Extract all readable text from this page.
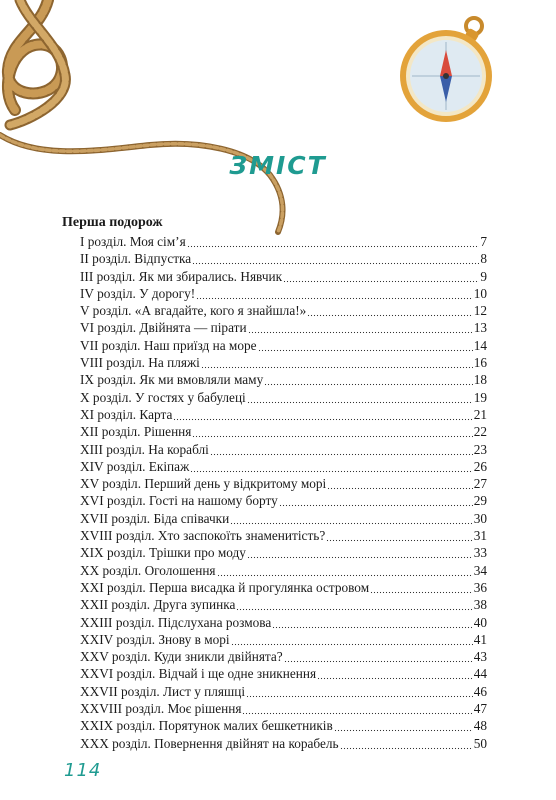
ЗМІСТ
Перша подорож
І розділ. Моя сім’я	7
ІІ розділ. Відпустка	8
ІІІ розділ. Як ми збирались. Нявчик	9
IV розділ. У дорогу!	10
V розділ. «А вгадайте, кого я знайшла!»	12
VI розділ. Двійнята — пірати	13
VII розділ. Наш приїзд на море	14
VIII розділ. На пляжі	16
IX розділ. Як ми вмовляли маму	18
X розділ. У гостях у бабулеці	19
XI розділ. Карта	21
XII розділ. Рішення	22
XIII розділ. На кораблі	23
XIV розділ. Екіпаж	26
XV розділ. Перший день у відкритому морі	27
XVI розділ. Гості на нашому борту	29
XVII розділ. Біда співачки	30
XVIII розділ. Хто заспокоїть знаменитість?	31
XIX розділ. Трішки про моду	33
XX розділ. Оголошення	34
XXI розділ. Перша висадка й прогулянка островом	36
XXII розділ. Друга зупинка	38
XXIII розділ. Підслухана розмова	40
XXIV розділ. Знову в морі	41
XXV розділ. Куди зникли двійнята?	43
XXVI розділ. Відчай і ще одне зникнення	44
XXVII розділ. Лист у пляшці	46
XXVIII розділ. Моє рішення	47
XXIX розділ. Порятунок малих бешкетників	48
XXX розділ. Повернення двійнят на корабель	50
114
